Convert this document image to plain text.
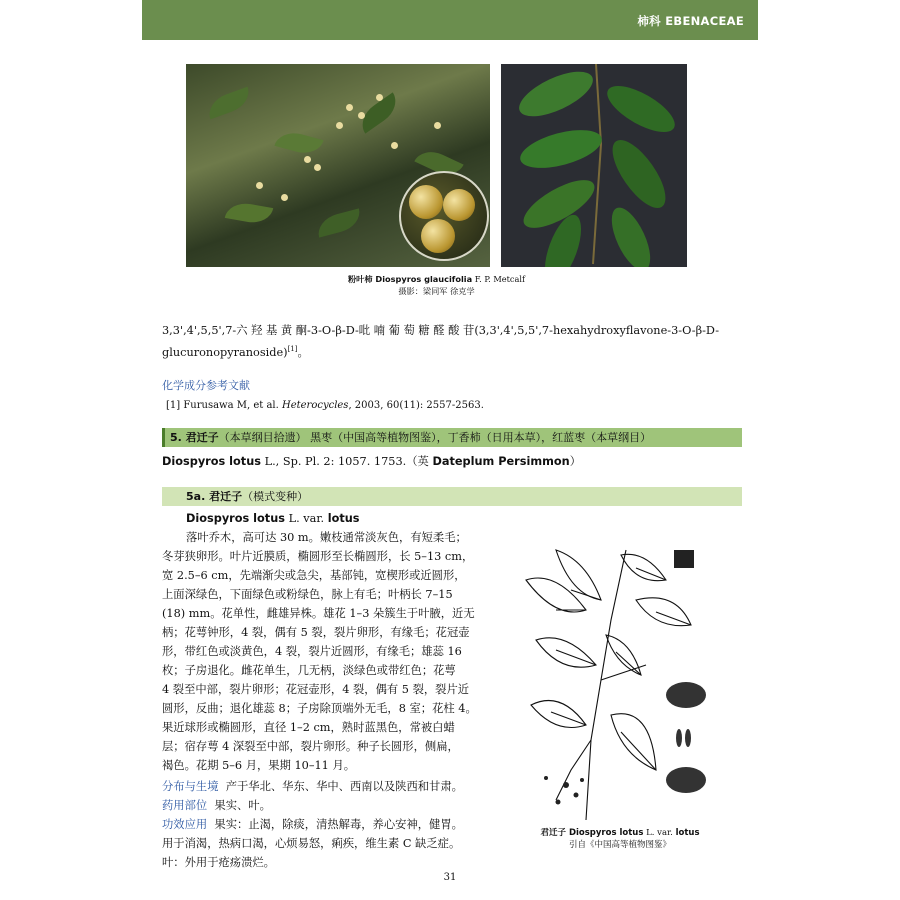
柿科 EBENACEAE
粉叶柿 Diospyros glaucifolia F. P. Metcalf
摄影：梁同军 徐克学
3,3',4',5,5',7-六 羟 基 黄 酮-3-O-β-D-吡 喃 葡 萄 糖 醛 酸 苷(3,3',4',5,5',7-hexahydroxyflavone-3-O-β-D-
glucuronopyranoside)[1]。
化学成分参考文献
[1] Furusawa M, et al. Heterocycles, 2003, 60(11): 2557-2563.
5. 君迁子（本草纲目拾遗） 黑枣（中国高等植物图鉴），丁香柿（日用本草），红蓝枣（本草纲目）
Diospyros lotus L., Sp. Pl. 2: 1057. 1753.（英 Dateplum Persimmon）
5a. 君迁子（模式变种）
Diospyros lotus L. var. lotus
落叶乔木，高可达 30 m。嫩枝通常淡灰色，有短柔毛；
冬芽狭卵形。叶片近膜质，椭圆形至长椭圆形，长 5–13 cm，
宽 2.5–6 cm，先端渐尖或急尖，基部钝，宽楔形或近圆形，
上面深绿色，下面绿色或粉绿色，脉上有毛；叶柄长 7–15
(18) mm。花单性，雌雄异株。雄花 1–3 朵簇生于叶腋，近无
柄；花萼钟形，4 裂，偶有 5 裂，裂片卵形，有缘毛；花冠壶
形，带红色或淡黄色，4 裂，裂片近圆形，有缘毛；雄蕊 16
枚；子房退化。雌花单生，几无柄，淡绿色或带红色；花萼
4 裂至中部，裂片卵形；花冠壶形，4 裂，偶有 5 裂，裂片近
圆形，反曲；退化雄蕊 8；子房除顶端外无毛，8 室；花柱 4。
果近球形或椭圆形，直径 1–2 cm，熟时蓝黑色，常被白蜡
层；宿存萼 4 深裂至中部，裂片卵形。种子长圆形，侧扁，
褐色。花期 5–6 月，果期 10–11 月。
分布与生境 产于华北、华东、华中、西南以及陕西和甘肃。
药用部位 果实、叶。
功效应用 果实：止渴，除痰，清热解毒，养心安神，健胃。
用于消渴，热病口渴，心烦易怒，痢疾，维生素 C 缺乏症。
叶：外用于疮疡溃烂。
君迁子 Diospyros lotus L. var. lotus
引自《中国高等植物图鉴》
31
